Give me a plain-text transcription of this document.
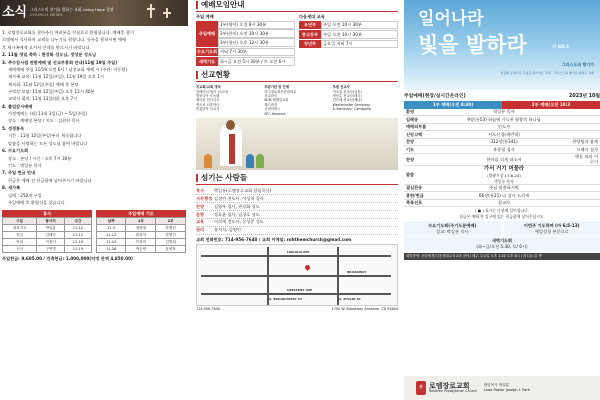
소식 그리스도의 향기를 발하는 교회 Living Hope 성장
CHURCH NEWS

1. 로뎀장로교회를 찾아주신 여러분을 진심으로 환영합니다. 예배후 향기

로뎀에서 식사하며 교제를 나누기를 원합니다. 등록을 원하시면 예배

후 새가족에게 오셔서 안내를 받으시기 바랍니다.

2. 11월 생일 축하 : 편강화 성도님, 정성문 성도님

3. 추수감사절 연합예배 및 선교부흥회 안내(11월 19일 주일)

새벽예배 주일 11/19 오전 6시 / 남선교회 예배 시 (주관: 이동원)

새가족 교육: 11월 12일(주일), 11월 19일 오후 1시

제직회: 11월 12일(주일) 예배 후 본당

구역장 모임: 11월 12일(주일) 오후 12시 40분

교역자 회의: 11월 13일(월) 오후 7시

4. 졸업감사예배

가정예배는 (월) 11월 3일(금) ~ 5일(주일)

장소 : 예배당 본당 / 지도 : 김현희 목사

5. 성경통독

기간 : 11월 12일(주일)부터 계속됩니다

말씀을 사랑하는 모든 성도님 참여 바랍니다

6. 수요기도회

장소 : 본당 / 시간 : 오후 7시 30분

인도 : 박일룡 목사

7. 주일 헌금 안내

헌금은 예배 전 헌금함에 넣어주시기 바랍니다

8. 새가족

김애 : 250개 구입

주일예배 후 환영식을 갖습니다

봉사	주일예배 기도
구분	봉사자	주간
대표기도	박일룡	11.12
헌금	김혜자	11.12
안내	이정미	11.19
식사	구역별	11.19
날짜	1부	2부
11.5	정명철	한병진
11.12	편성자	한병진
11.19	이정미	김명희
11.26	박순연	홍양표

주일헌금: 9,605.00 / 건축헌금: 1,000,000(약정 잔액 4,850.00)

예배모임안내
주일 예배
주일예배
1부(영어) 오전 8시 30분
2부(한어) 오전 10시 30분
3부(청년) 오후 12시 30분
수요기도회 저녁 7시 30분
새벽기도	화~금 오전 5시 30분 / 토 오전 6시
다음세대 교육
유년부	주일 오전 10시 30분
중고등부	주일 오전 10시 30분
청년부	금요일 저녁 7시
선교현황
지교회/교회 개척
말레이시아(이 선교사)
캄보디아 프놈펜
필리핀 민다나오
멕시코 티후아나
콜롬비아 선교지
후원기관 및 단체
미주장로회신학대학교
선교한국
KCM 세계선교회
월드비전
굿네이버스
SFC America
후원 선교사
이초롱 선교사(일본)
박민수 선교사(태국)
김은혜 선교사(케냐)
Westminster Seminary
& Seminary, Cambodia
섬기는 사람들
목사	박일룡(로뎀장로교회 담임목사)
사무행정 김경란 전도사, 이성혁 집사
찬양	김영우 집사, 편강화 성도
음향	정호윤 집사, 김경호 성도
교육	이희재 전도사, 문성준 성도
관리	유치식, 김영민

교회 전화번호: 714-956-7640 / 교회 이메일: rohthemchurch@gmail.com

LINCOLN AVE
BROADWAY
CRESCENT AVE
S. BROOKHURST ST	S. EUCLID ST
714-956-7640	1700 W. Broadway Anaheim, CA 92804
일어나라
빛을 발하라	사 60:1
그리스도의 향기가
복음의 능력으로 주님을 닮아가는 교회 · 그리스도의 향기를 발하는 교회
주일예배(현장/실시간온라인)	2023년 10월
1부 예배(오전 8:30)	2부 예배(오전 10:3
환영	박일룡 목사
입례송	9장(통53) 하늘에 가득찬 영광의 하나님
예배의부름	인도자
신앙고백	사도신경(새번역)
찬양	312장(통341)	찬양팀과 함께
기도	홍종필 집사	프레시 집사
찬양	한마음 되게 하소서
때를 따라 이루시
말씀
가서 거기 머물라
(열왕기상 17:8-24)
박일룡 목사
결심찬송	주님 말씀하시면
봉헌/헌금	66장(통21) 다 감사 드리세
축복선포	설교자

( ● ) 표시는 다함께 일어섭니다.

헌금은 예배 전 입구에 있는 헌금함에 넣어주십시오.

수요기도회(주기도문예배)
설교: 박일룡 목사
이번주 기도하며 (마 6:5-13)
예일성경 본문으로
새벽기도회
(화~금/오전 5:30, 토/ 6시)
희망찬양: 신앙성경(다음세대교육교육 준비) 매주 수요일 오후 1:30 오후 6시 / 라디오:김 박
✝ 로뎀장로교회
Rohthem Presbyterian Church
담임목사 박일룡
Lead Pastor Joseph I. Park
